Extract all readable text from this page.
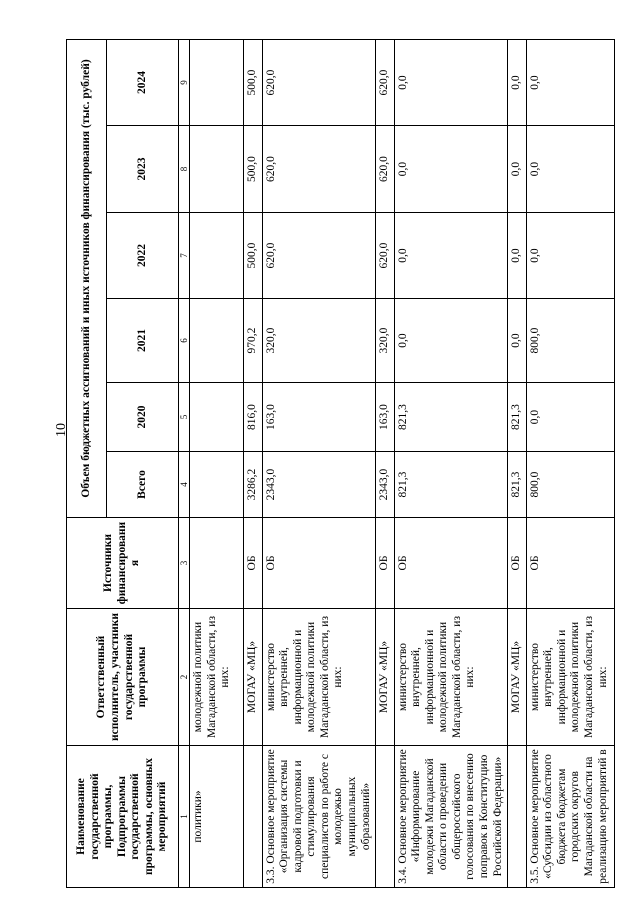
10
Наименование государственной программы, Подпрограммы государственной программы, основных мероприятий	Ответственный исполнитель, участники государственной программы	Источники финансирования	Объем бюджетных ассигнований и иных источников финансирования (тыс. рублей)					
			Всего	2020	2021	2022	2023	2024
1	2	3	4	5	6	7	8	9
политики»	молодежной политики Магаданской области, из них:							
	МОГАУ «МЦ»	ОБ	3286,2	816,0	970,2	500,0	500,0	500,0
3.3. Основное мероприятие «Организация системы кадровой подготовки и стимулирования специалистов по работе с молодежью муниципальных образований»	министерство внутренней, информационной и молодежной политики Магаданской области, из них:	ОБ	2343,0	163,0	320,0	620,0	620,0	620,0
	МОГАУ «МЦ»	ОБ	2343,0	163,0	320,0	620,0	620,0	620,0
3.4. Основное мероприятие «Информирование молодежи Магаданской области о проведении общероссийского голосования по внесению поправок в Конституцию Российской Федерации»	министерство внутренней, информационной и молодежной политики Магаданской области, из них:	ОБ	821,3	821,3	0,0	0,0	0,0	0,0
	МОГАУ «МЦ»	ОБ	821,3	821,3	0,0	0,0	0,0	0,0
3.5. Основное мероприятие «Субсидии из областного бюджета бюджетам городских округов Магаданской области на реализацию мероприятий в	министерство внутренней, информационной и молодежной политики Магаданской области, из них:	ОБ	800,0	0,0	800,0	0,0	0,0	0,0
